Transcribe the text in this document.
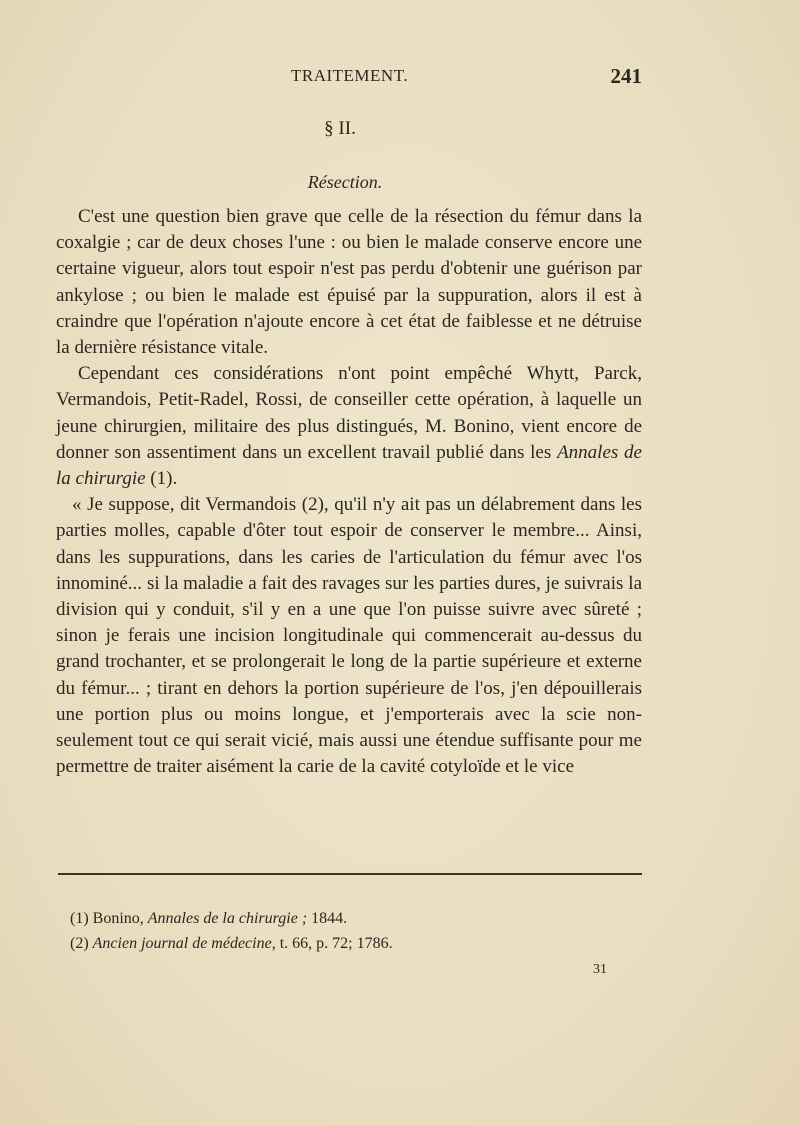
TRAITEMENT.	241
§ II.
Résection.

C'est une question bien grave que celle de la résection du fémur dans la coxalgie ; car de deux choses l'une : ou bien le malade conserve encore une certaine vigueur, alors tout espoir n'est pas perdu d'obtenir une guérison par ankylose ; ou bien le malade est épuisé par la suppuration, alors il est à craindre que l'opération n'ajoute encore à cet état de faiblesse et ne détruise la dernière résistance vitale.

Cependant ces considérations n'ont point empêché Whytt, Parck, Vermandois, Petit-Radel, Rossi, de conseiller cette opération, à laquelle un jeune chirurgien, militaire des plus distingués, M. Bonino, vient encore de donner son assentiment dans un excellent travail publié dans les Annales de la chirurgie (1).

« Je suppose, dit Vermandois (2), qu'il n'y ait pas un délabrement dans les parties molles, capable d'ôter tout espoir de conserver le membre... Ainsi, dans les suppurations, dans les caries de l'articulation du fémur avec l'os innominé... si la maladie a fait des ravages sur les parties dures, je suivrais la division qui y conduit, s'il y en a une que l'on puisse suivre avec sûreté ; sinon je ferais une incision longitudinale qui commencerait au-dessus du grand trochanter, et se prolongerait le long de la partie supérieure et externe du fémur... ; tirant en dehors la portion supérieure de l'os, j'en dépouillerais une portion plus ou moins longue, et j'emporterais avec la scie non-seulement tout ce qui serait vicié, mais aussi une étendue suffisante pour me permettre de traiter aisément la carie de la cavité cotyloïde et le vice

(1) Bonino, Annales de la chirurgie ; 1844.

(2) Ancien journal de médecine, t. 66, p. 72; 1786.

31
